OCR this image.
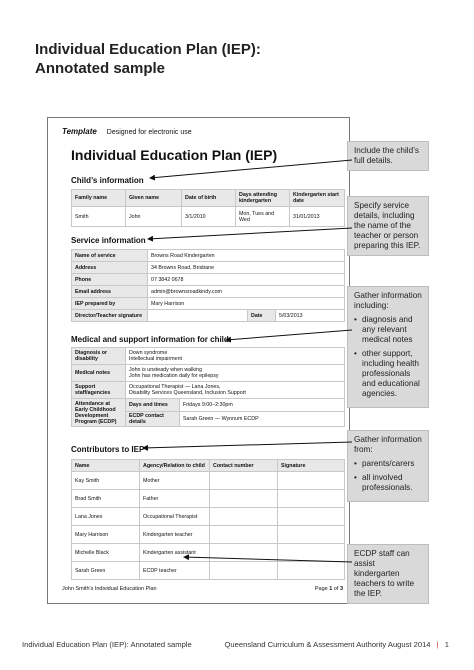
Individual Education Plan (IEP):
Annotated sample
Template Designed for electronic use
Individual Education Plan (IEP)
Child’s information
Family name	Given name	Date of birth	Days attending kindergarten	Kindergarten start date
Smith	John	3/1/2010	Mon, Tues and Wed	31/01/2013
Service information
Name of service	Browns Road Kindergarten		
Address	34 Browns Road, Brisbane		
Phone	07 3842 0678		
Email address	admin@brownsroadkindy.com		
IEP prepared by	Mary Harrison		
Director/Teacher signature		Date	5/03/2013
Medical and support information for child
Diagnosis or disability	Down syndrome
Intellectual impairment	

Medical notes	John is unsteady when walking
John has medication daily for epilepsy	

Support staff/agencies	Occupational Therapist — Lana Jones,
Disability Services Queensland, Inclusion Support	

Attendance at Early Childhood Development Program (ECDP)	Days and times	Fridays 9:00–2:30pm
	ECDP contact details	Sarah Green — Wynnum ECDP
Contributors to IEP
Name	Agency/Relation to child	Contact number	Signature
Kay Smith	Mother		
Brad Smith	Father		
Lana Jones	Occupational Therapist		
Mary Harrison	Kindergarten teacher		
Michelle Black	Kindergarten assistant		
Sarah Green	ECDP teacher		
John Smith's Individual Education Plan	Page 1 of 3
Include the child’s full details.
Specify service details, including the name of the teacher or person preparing this IEP.
Gather information including:
• diagnosis and any relevant medical notes
• other support, including health professionals and educational agencies.
Gather information from:
• parents/carers
• all involved professionals.
ECDP staff can assist kindergarten teachers to write the IEP.
Individual Education Plan (IEP): Annotated sample	Queensland Curriculum & Assessment Authority August 2014 | 1
